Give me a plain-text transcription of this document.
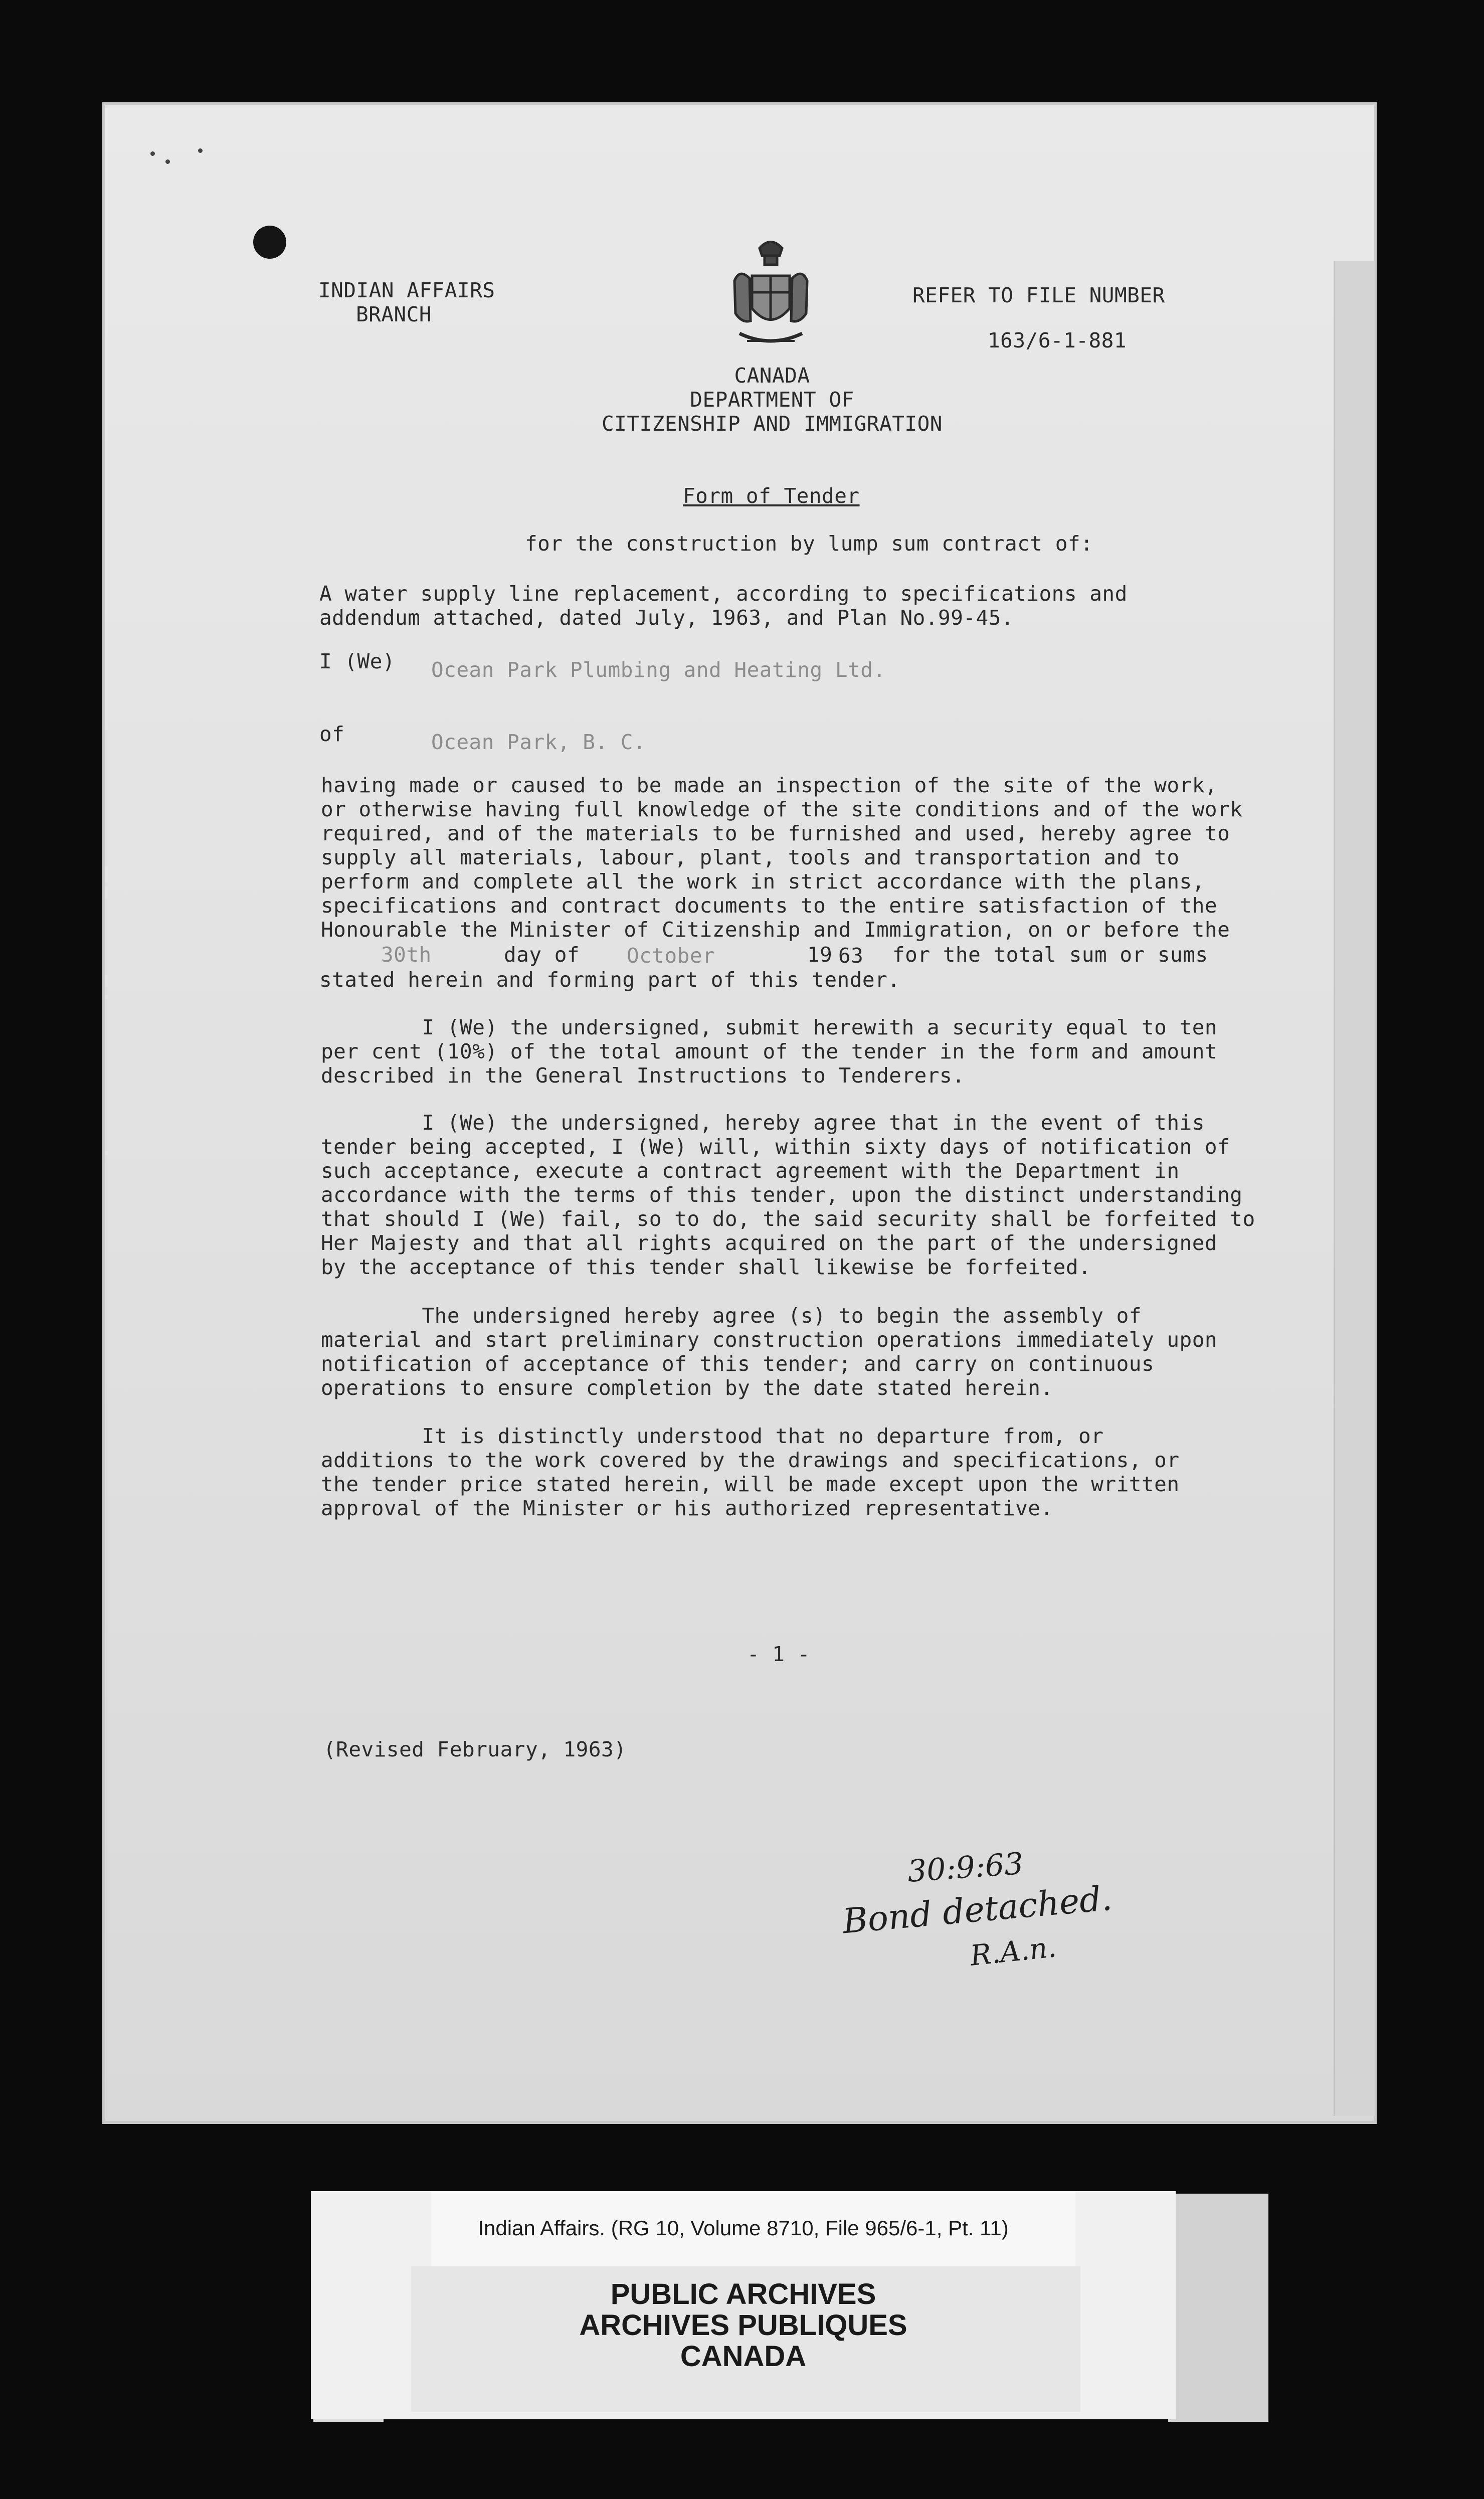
INDIAN AFFAIRS
BRANCH
REFER TO FILE NUMBER
163/6-1-881
CANADA
DEPARTMENT OF
CITIZENSHIP AND IMMIGRATION
Form of Tender
for the construction by lump sum contract of:
A water supply line replacement, according to specifications and
addendum attached, dated July, 1963, and Plan No.99-45.
I (We) Ocean Park Plumbing and Heating Ltd.
of	Ocean Park, B. C.
having made or caused to be made an inspection of the site of the work,
or otherwise having full knowledge of the site conditions and of the work
required, and of the materials to be furnished and used, hereby agree to
supply all materials, labour, plant, tools and transportation and to
perform and complete all the work in strict accordance with the plans,
specifications and contract documents to the entire satisfaction of the
Honourable the Minister of Citizenship and Immigration, on or before the
30th	day of October	19 63 for the total sum or sums
stated herein and forming part of this tender.
I (We) the undersigned, submit herewith a security equal to ten
per cent (10%) of the total amount of the tender in the form and amount
described in the General Instructions to Tenderers.
I (We) the undersigned, hereby agree that in the event of this
tender being accepted, I (We) will, within sixty days of notification of
such acceptance, execute a contract agreement with the Department in
accordance with the terms of this tender, upon the distinct understanding
that should I (We) fail, so to do, the said security shall be forfeited to
Her Majesty and that all rights acquired on the part of the undersigned
by the acceptance of this tender shall likewise be forfeited.
The undersigned hereby agree (s) to begin the assembly of
material and start preliminary construction operations immediately upon
notification of acceptance of this tender; and carry on continuous
operations to ensure completion by the date stated herein.
It is distinctly understood that no departure from, or
additions to the work covered by the drawings and specifications, or
the tender price stated herein, will be made except upon the written
approval of the Minister or his authorized representative.
- 1 -
(Revised February, 1963)
30:9:63
Bond detached.
R.A.n.
Indian Affairs. (RG 10, Volume 8710, File 965/6-1, Pt. 11)
PUBLIC ARCHIVES
ARCHIVES PUBLIQUES
CANADA
